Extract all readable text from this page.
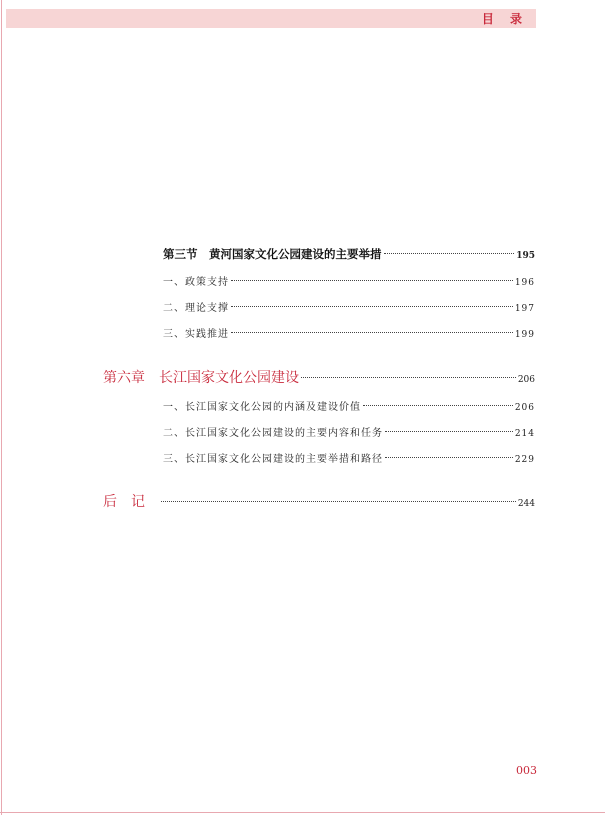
目 录
第三节　黄河国家文化公园建设的主要举措	195
一、政策支持	196
二、理论支撑	197
三、实践推进	199
第六章 长江国家文化公园建设	206
一、长江国家文化公园的内涵及建设价值	206
二、长江国家文化公园建设的主要内容和任务	214
三、长江国家文化公园建设的主要举措和路径	229
后记	244
003
